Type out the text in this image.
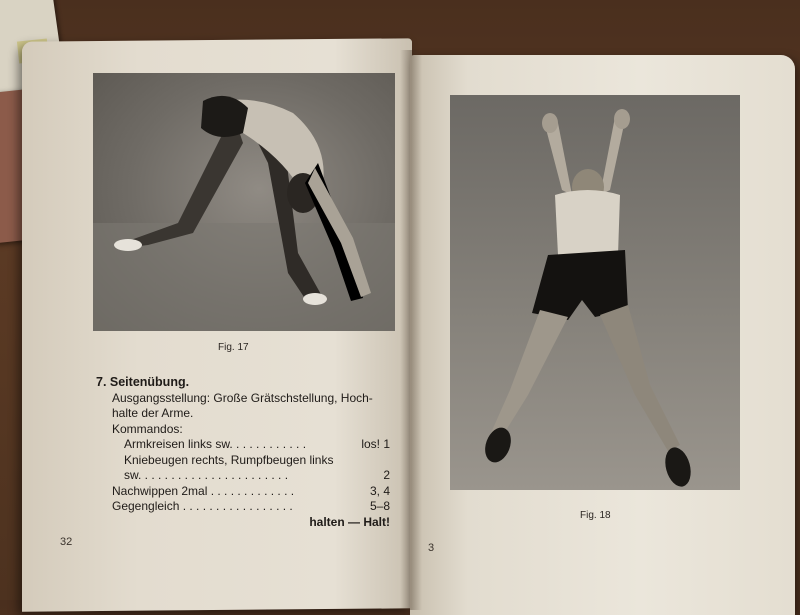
Fig. 17
7. Seitenübung.
Ausgangsstellung: Große Grätschstellung, Hoch-
halte der Arme.
Kommandos:
Armkreisen links sw. . . . . . . . . . . .	los! 1
Kniebeugen rechts, Rumpfbeugen links
sw. . . . . . . . . . . . . . . . . . . . . . .	2
Nachwippen 2mal . . . . . . . . . . . . .	3, 4
Gegengleich . . . . . . . . . . . . . . . . .	5–8
halten — Halt!
32
Fig. 18
3
